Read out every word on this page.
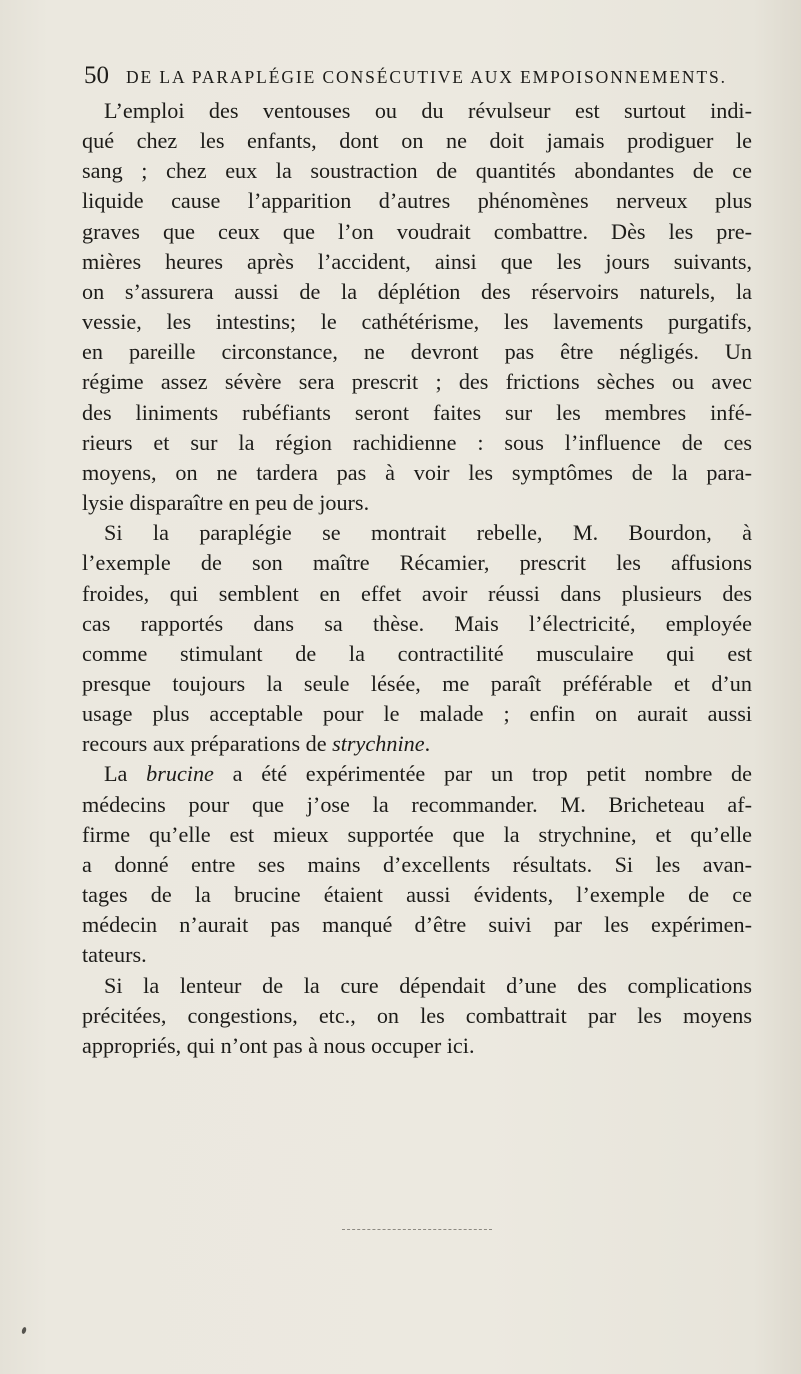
50 DE LA PARAPLÉGIE CONSÉCUTIVE AUX EMPOISONNEMENTS.

L’emploi des ventouses ou du révulseur est surtout indi-
qué chez les enfants, dont on ne doit jamais prodiguer le
sang ; chez eux la soustraction de quantités abondantes de ce
liquide cause l’apparition d’autres phénomènes nerveux plus
graves que ceux que l’on voudrait combattre. Dès les pre-
mières heures après l’accident, ainsi que les jours suivants,
on s’assurera aussi de la déplétion des réservoirs naturels, la
vessie, les intestins; le cathétérisme, les lavements purgatifs,
en pareille circonstance, ne devront pas être négligés. Un
régime assez sévère sera prescrit ; des frictions sèches ou avec
des liniments rubéfiants seront faites sur les membres infé-
rieurs et sur la région rachidienne : sous l’influence de ces
moyens, on ne tardera pas à voir les symptômes de la para-
lysie disparaître en peu de jours.

Si la paraplégie se montrait rebelle, M. Bourdon, à
l’exemple de son maître Récamier, prescrit les affusions
froides, qui semblent en effet avoir réussi dans plusieurs des
cas rapportés dans sa thèse. Mais l’électricité, employée
comme stimulant de la contractilité musculaire qui est
presque toujours la seule lésée, me paraît préférable et d’un
usage plus acceptable pour le malade ; enfin on aurait aussi
recours aux préparations de strychnine.

La brucine a été expérimentée par un trop petit nombre de
médecins pour que j’ose la recommander. M. Bricheteau af-
firme qu’elle est mieux supportée que la strychnine, et qu’elle
a donné entre ses mains d’excellents résultats. Si les avan-
tages de la brucine étaient aussi évidents, l’exemple de ce
médecin n’aurait pas manqué d’être suivi par les expérimen-
tateurs.

Si la lenteur de la cure dépendait d’une des complications
précitées, congestions, etc., on les combattrait par les moyens
appropriés, qui n’ont pas à nous occuper ici.
